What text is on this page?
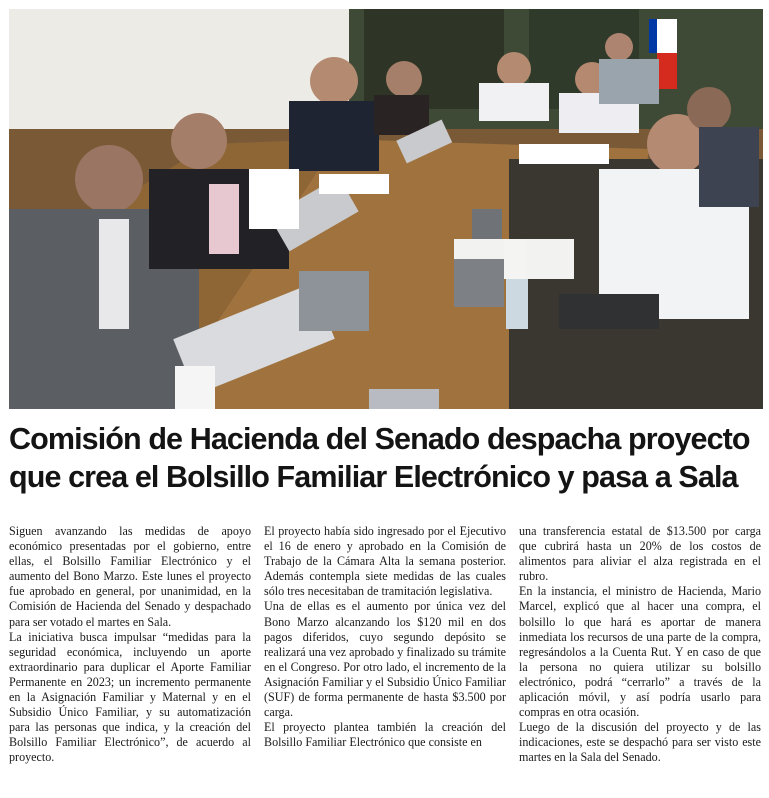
Comisión de Hacienda del Senado despacha proyecto
que crea el Bolsillo Familiar Electrónico y pasa a Sala

Siguen avanzando las medidas de apoyo económico presentadas por el gobierno, entre ellas, el Bolsillo Familiar Electrónico y el aumento del Bono Marzo. Este lunes el proyecto fue aprobado en general, por unanimidad, en la Comisión de Hacienda del Senado y despachado para ser votado el martes en Sala.

La iniciativa busca impulsar “medidas para la seguridad económica, incluyendo un aporte extraordinario para duplicar el Aporte Familiar Permanente en 2023; un incremento permanente en la Asignación Familiar y Maternal y en el Subsidio Único Familiar, y su automatización para las personas que indica, y la creación del Bolsillo Familiar Electrónico”, de acuerdo al proyecto.

El proyecto había sido ingresado por el Ejecutivo el 16 de enero y aprobado en la Comisión de Trabajo de la Cámara Alta la semana posterior. Además contempla siete medidas de las cuales sólo tres necesitaban de tramitación legislativa.

Una de ellas es el aumento por única vez del Bono Marzo alcanzando los $120 mil en dos pagos diferidos, cuyo segundo depósito se realizará una vez aprobado y finalizado su trámite en el Congreso. Por otro lado, el incremento de la Asignación Familiar y el Subsidio Único Familiar (SUF) de forma permanente de hasta $3.500 por carga.

El proyecto plantea también la creación del Bolsillo Familiar Electrónico que consiste en

una transferencia estatal de $13.500 por carga que cubrirá hasta un 20% de los costos de alimentos para aliviar el alza registrada en el rubro.

En la instancia, el ministro de Hacienda, Mario Marcel, explicó que al hacer una compra, el bolsillo lo que hará es aportar de manera inmediata los recursos de una parte de la compra, regresándolos a la Cuenta Rut. Y en caso de que la persona no quiera utilizar su bolsillo electrónico, podrá “cerrarlo” a través de la aplicación móvil, y así podría usarlo para compras en otra ocasión.

Luego de la discusión del proyecto y de las indicaciones, este se despachó para ser visto este martes en la Sala del Senado.
